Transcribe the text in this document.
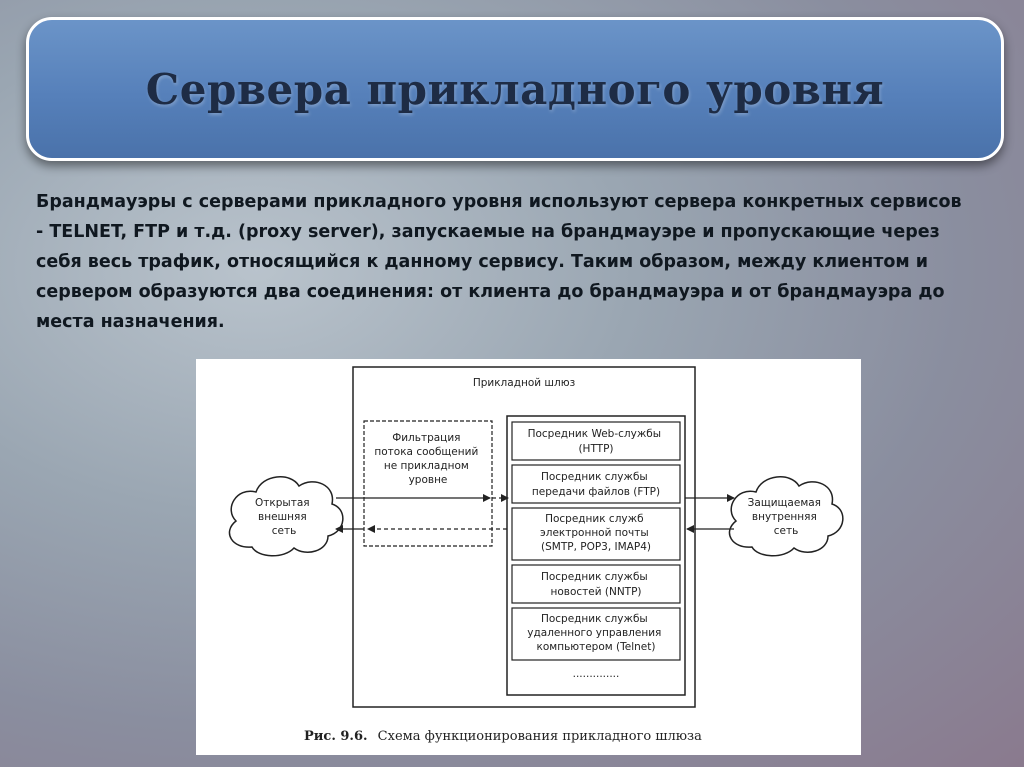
Сервера прикладного уровня

Брандмауэры с серверами прикладного уровня используют сервера конкретных сервисов - TELNET, FTP и т.д. (proxy server), запускаемые на брандмауэре и пропускающие через себя весь трафик, относящийся к данному сервису. Таким образом, между клиентом и сервером образуются два соединения: от клиента до брандмауэра и от брандмауэра до места назначения.

Прикладной шлюз
Фильтрация потока сообщений не прикладном уровне
Посредник Web-службы (HTTP)
Посредник службы передачи файлов (FTP)
Посредник служб электронной почты (SMTP, POP3, IMAP4)
Посредник службы новостей (NNTP)
Посредник службы удаленного управления компьютером (Telnet)
..............
Открытая внешняя сеть
Защищаемая внутренняя сеть
Рис. 9.6. Схема функционирования прикладного шлюза
